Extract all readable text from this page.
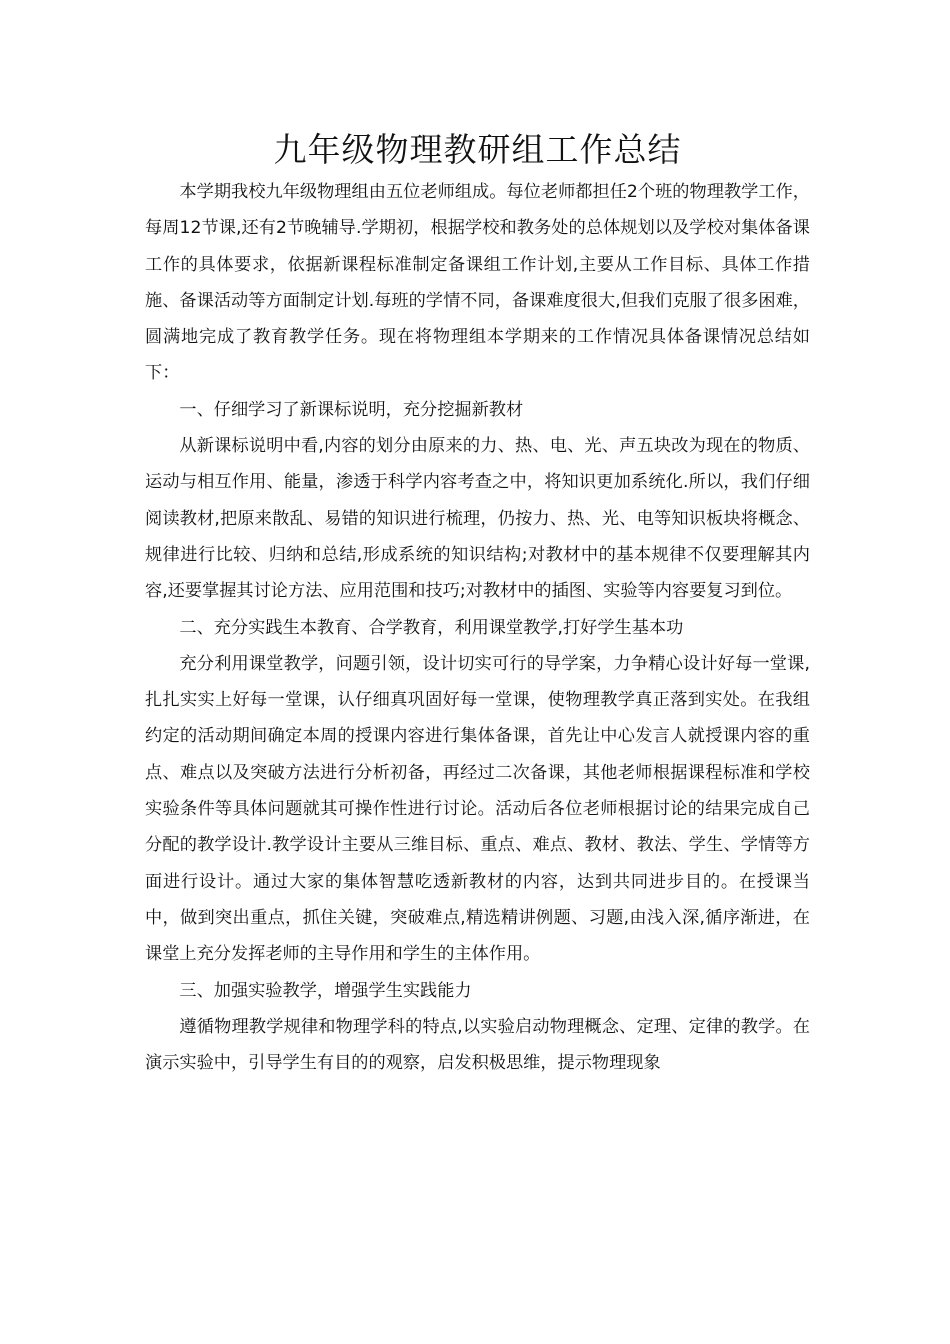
九年级物理教研组工作总结

本学期我校九年级物理组由五位老师组成。每位老师都担任2个班的物理教学工作，每周12节课,还有2节晚辅导.学期初，根据学校和教务处的总体规划以及学校对集体备课工作的具体要求，依据新课程标准制定备课组工作计划,主要从工作目标、具体工作措施、备课活动等方面制定计划.每班的学情不同，备课难度很大,但我们克服了很多困难，圆满地完成了教育教学任务。现在将物理组本学期来的工作情况具体备课情况总结如下：

一、仔细学习了新课标说明，充分挖掘新教材

从新课标说明中看,内容的划分由原来的力、热、电、光、声五块改为现在的物质、运动与相互作用、能量，渗透于科学内容考查之中，将知识更加系统化.所以，我们仔细阅读教材,把原来散乱、易错的知识进行梳理，仍按力、热、光、电等知识板块将概念、规律进行比较、归纳和总结,形成系统的知识结构;对教材中的基本规律不仅要理解其内容,还要掌握其讨论方法、应用范围和技巧;对教材中的插图、实验等内容要复习到位。

二、充分实践生本教育、合学教育，利用课堂教学,打好学生基本功

充分利用课堂教学，问题引领，设计切实可行的导学案，力争精心设计好每一堂课,扎扎实实上好每一堂课，认仔细真巩固好每一堂课，使物理教学真正落到实处。在我组约定的活动期间确定本周的授课内容进行集体备课，首先让中心发言人就授课内容的重点、难点以及突破方法进行分析初备，再经过二次备课，其他老师根据课程标准和学校实验条件等具体问题就其可操作性进行讨论。活动后各位老师根据讨论的结果完成自己分配的教学设计.教学设计主要从三维目标、重点、难点、教材、教法、学生、学情等方面进行设计。通过大家的集体智慧吃透新教材的内容，达到共同进步目的。在授课当中，做到突出重点，抓住关键，突破难点,精选精讲例题、习题,由浅入深,循序渐进，在课堂上充分发挥老师的主导作用和学生的主体作用。

三、加强实验教学，增强学生实践能力

遵循物理教学规律和物理学科的特点,以实验启动物理概念、定理、定律的教学。在演示实验中，引导学生有目的的观察，启发积极思维，提示物理现象
